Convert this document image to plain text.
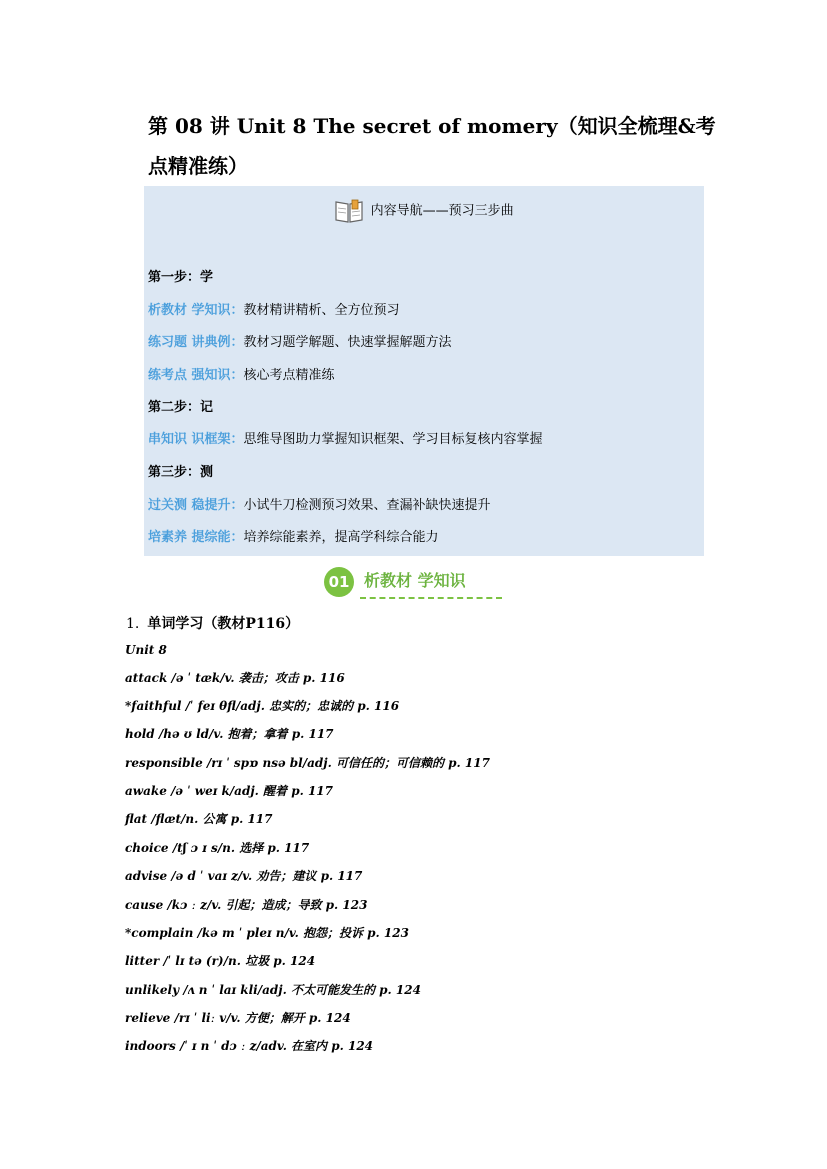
第 08 讲 Unit 8 The secret of momery（知识全梳理&考点精准练）
内容导航——预习三步曲
第一步：学
析教材 学知识：教材精讲精析、全方位预习
练习题 讲典例：教材习题学解题、快速掌握解题方法
练考点 强知识：核心考点精准练
第二步：记
串知识 识框架：思维导图助力掌握知识框架、学习目标复核内容掌握
第三步：测
过关测 稳提升：小试牛刀检测预习效果、查漏补缺快速提升
培素养 提综能：培养综能素养，提高学科综合能力
01 析教材 学知识
1. 单词学习（教材P116）
Unit 8
attack /ə ˈ tæk/v. 袭击；攻击 p. 116
*faithful /ˈ feɪ θfl/adj. 忠实的；忠诚的 p. 116
hold /hə ʊ ld/v. 抱着；拿着 p. 117
responsible /rɪ ˈ spɒ nsə bl/adj. 可信任的；可信赖的 p. 117
awake /ə ˈ weɪ k/adj. 醒着 p. 117
flat /flæt/n. 公寓 p. 117
choice /tʃ ɔ ɪ s/n. 选择 p. 117
advise /ə d ˈ vaɪ z/v. 劝告；建议 p. 117
cause /kɔ ː z/v. 引起；造成；导致 p. 123
*complain /kə m ˈ pleɪ n/v. 抱怨；投诉 p. 123
litter /ˈ lɪ tə (r)/n. 垃圾 p. 124
unlikely /ʌ n ˈ laɪ kli/adj. 不太可能发生的 p. 124
relieve /rɪ ˈ liː v/v. 方便；解开 p. 124
indoors /ˈ ɪ n ˈ dɔ ː z/adv. 在室内 p. 124
